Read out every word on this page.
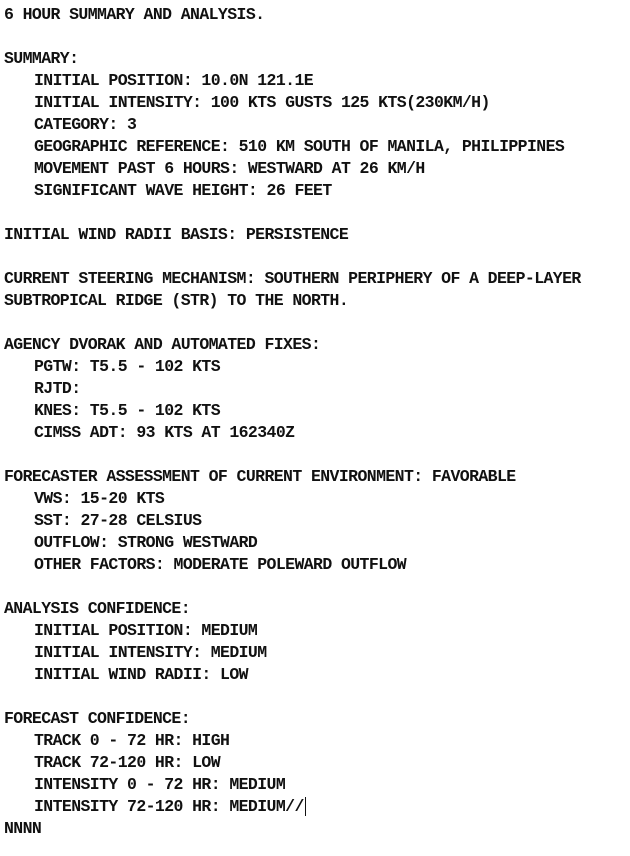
6 HOUR SUMMARY AND ANALYSIS.
SUMMARY:
INITIAL POSITION: 10.0N 121.1E
INITIAL INTENSITY: 100 KTS GUSTS 125 KTS(230KM/H)
CATEGORY: 3
GEOGRAPHIC REFERENCE: 510 KM SOUTH OF MANILA, PHILIPPINES
MOVEMENT PAST 6 HOURS: WESTWARD AT 26 KM/H
SIGNIFICANT WAVE HEIGHT: 26 FEET
INITIAL WIND RADII BASIS: PERSISTENCE
CURRENT STEERING MECHANISM: SOUTHERN PERIPHERY OF A DEEP-LAYER
SUBTROPICAL RIDGE (STR) TO THE NORTH.
AGENCY DVORAK AND AUTOMATED FIXES:
PGTW: T5.5 - 102 KTS
RJTD:
KNES: T5.5 - 102 KTS
CIMSS ADT: 93 KTS AT 162340Z
FORECASTER ASSESSMENT OF CURRENT ENVIRONMENT: FAVORABLE
VWS: 15-20 KTS
SST: 27-28 CELSIUS
OUTFLOW: STRONG WESTWARD
OTHER FACTORS: MODERATE POLEWARD OUTFLOW
ANALYSIS CONFIDENCE:
INITIAL POSITION: MEDIUM
INITIAL INTENSITY: MEDIUM
INITIAL WIND RADII: LOW
FORECAST CONFIDENCE:
TRACK 0 - 72 HR: HIGH
TRACK 72-120 HR: LOW
INTENSITY 0 - 72 HR: MEDIUM
INTENSITY 72-120 HR: MEDIUM//
NNNN
